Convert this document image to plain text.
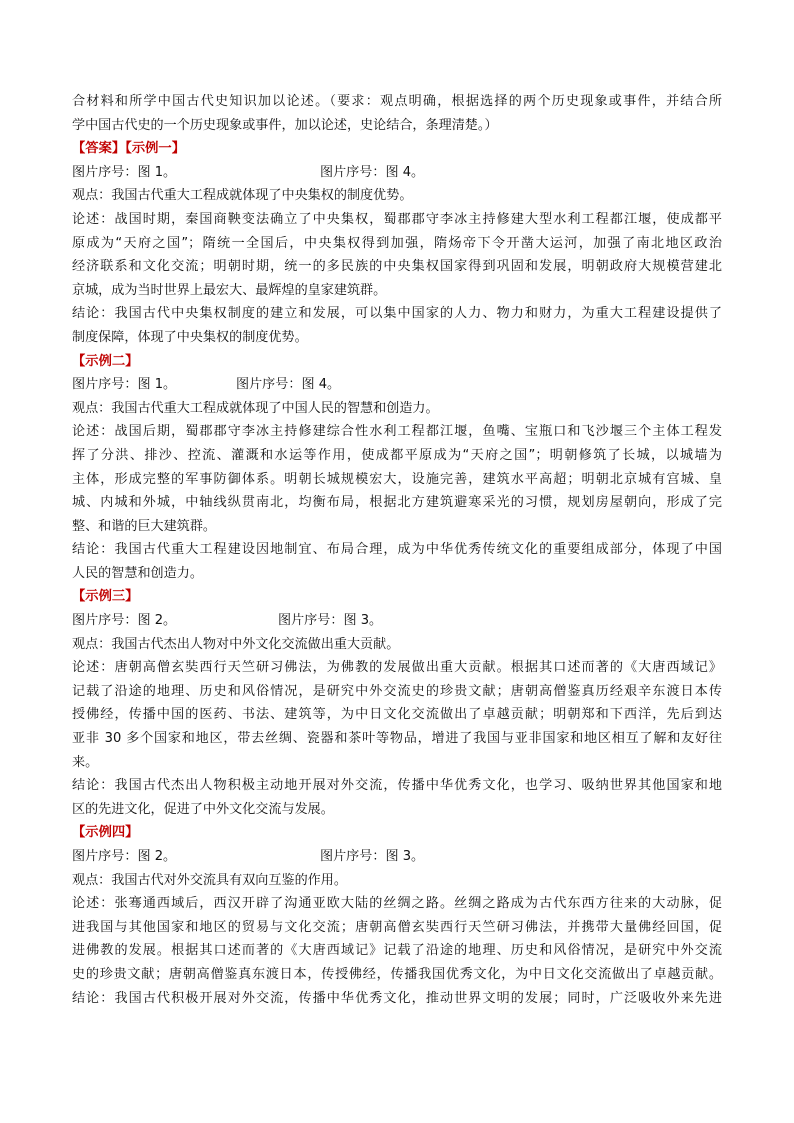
合材料和所学中国古代史知识加以论述。（要求：观点明确，根据选择的两个历史现象或事件，并结合所
学中国古代史的一个历史现象或事件，加以论述，史论结合，条理清楚。）
【答案】【示例一】
图片序号：图 1。	图片序号：图 4。
观点：我国古代重大工程成就体现了中央集权的制度优势。
论述：战国时期，秦国商鞅变法确立了中央集权，蜀郡郡守李冰主持修建大型水利工程都江堰，使成都平
原成为“天府之国”；隋统一全国后，中央集权得到加强，隋炀帝下令开凿大运河，加强了南北地区政治
经济联系和文化交流；明朝时期，统一的多民族的中央集权国家得到巩固和发展，明朝政府大规模营建北
京城，成为当时世界上最宏大、最辉煌的皇家建筑群。
结论：我国古代中央集权制度的建立和发展，可以集中国家的人力、物力和财力，为重大工程建设提供了
制度保障，体现了中央集权的制度优势。
【示例二】
图片序号：图 1。	图片序号：图 4。
观点：我国古代重大工程成就体现了中国人民的智慧和创造力。
论述：战国后期，蜀郡郡守李冰主持修建综合性水利工程都江堰，鱼嘴、宝瓶口和飞沙堰三个主体工程发
挥了分洪、排沙、控流、灌溉和水运等作用，使成都平原成为“天府之国”；明朝修筑了长城，以城墙为
主体，形成完整的军事防御体系。明朝长城规模宏大，设施完善，建筑水平高超；明朝北京城有宫城、皇
城、内城和外城，中轴线纵贯南北，均衡布局，根据北方建筑避寒采光的习惯，规划房屋朝向，形成了完
整、和谐的巨大建筑群。
结论：我国古代重大工程建设因地制宜、布局合理，成为中华优秀传统文化的重要组成部分，体现了中国
人民的智慧和创造力。
【示例三】
图片序号：图 2。	图片序号：图 3。
观点：我国古代杰出人物对中外文化交流做出重大贡献。
论述：唐朝高僧玄奘西行天竺研习佛法，为佛教的发展做出重大贡献。根据其口述而著的《大唐西域记》
记载了沿途的地理、历史和风俗情况，是研究中外交流史的珍贵文献；唐朝高僧鉴真历经艰辛东渡日本传
授佛经，传播中国的医药、书法、建筑等，为中日文化交流做出了卓越贡献；明朝郑和下西洋，先后到达
亚非 30 多个国家和地区，带去丝绸、瓷器和茶叶等物品，增进了我国与亚非国家和地区相互了解和友好往
来。
结论：我国古代杰出人物积极主动地开展对外交流，传播中华优秀文化，也学习、吸纳世界其他国家和地
区的先进文化，促进了中外文化交流与发展。
【示例四】
图片序号：图 2。	图片序号：图 3。
观点：我国古代对外交流具有双向互鉴的作用。
论述：张骞通西域后，西汉开辟了沟通亚欧大陆的丝绸之路。丝绸之路成为古代东西方往来的大动脉，促
进我国与其他国家和地区的贸易与文化交流；唐朝高僧玄奘西行天竺研习佛法，并携带大量佛经回国，促
进佛教的发展。根据其口述而著的《大唐西域记》记载了沿途的地理、历史和风俗情况，是研究中外交流
史的珍贵文献；唐朝高僧鉴真东渡日本，传授佛经，传播我国优秀文化，为中日文化交流做出了卓越贡献。
结论：我国古代积极开展对外交流，传播中华优秀文化，推动世界文明的发展；同时，广泛吸收外来先进
